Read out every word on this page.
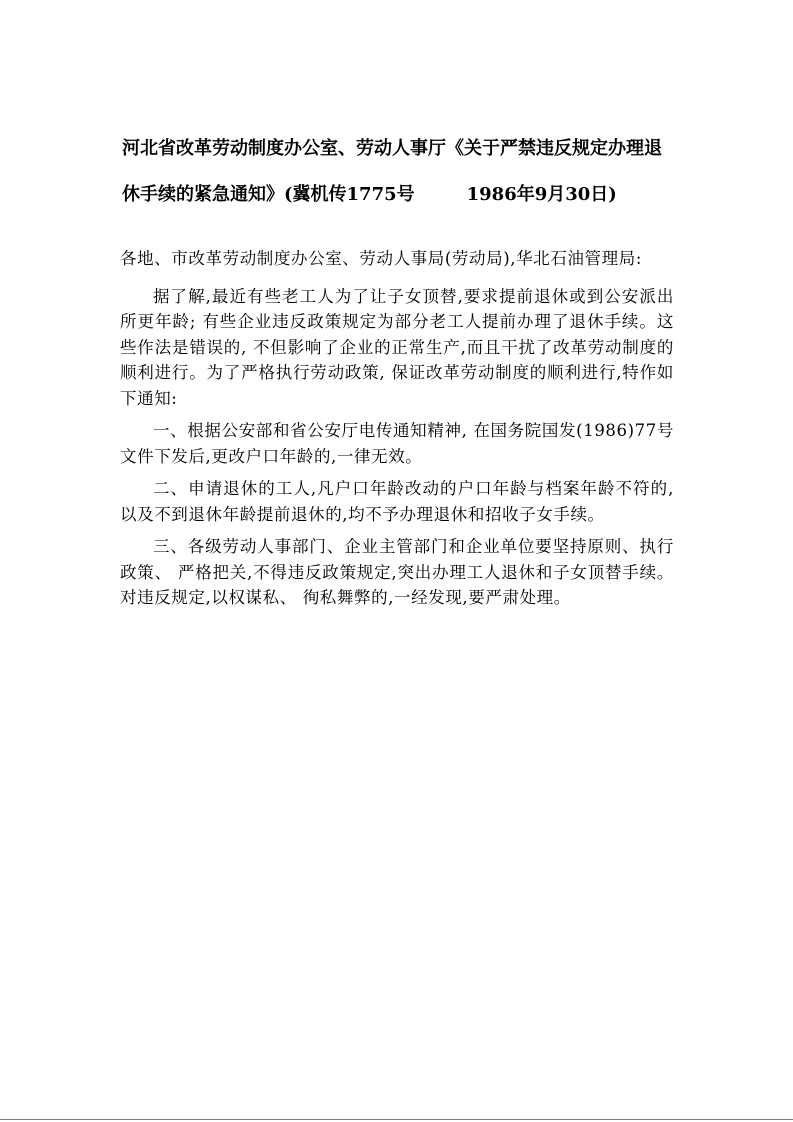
河北省改革劳动制度办公室、劳动人事厅《关于严禁违反规定办理退
休手续的紧急通知》(冀机传1775号	1986年9月30日)

各地、市改革劳动制度办公室、劳动人事局(劳动局),华北石油管理局:

据了解,最近有些老工人为了让子女顶替,要求提前退休或到公安派出所更年龄; 有些企业违反政策规定为部分老工人提前办理了退休手续。这些作法是错误的, 不但影响了企业的正常生产,而且干扰了改革劳动制度的顺利进行。为了严格执行劳动政策, 保证改革劳动制度的顺利进行,特作如下通知:

一、根据公安部和省公安厅电传通知精神, 在国务院国发(1986)77号文件下发后,更改户口年龄的,一律无效。

二、申请退休的工人,凡户口年龄改动的户口年龄与档案年龄不符的, 以及不到退休年龄提前退休的,均不予办理退休和招收子女手续。

三、各级劳动人事部门、企业主管部门和企业单位要坚持原则、执行政策、 严格把关,不得违反政策规定,突出办理工人退休和子女顶替手续。对违反规定,以权谋私、 徇私舞弊的,一经发现,要严肃处理。
